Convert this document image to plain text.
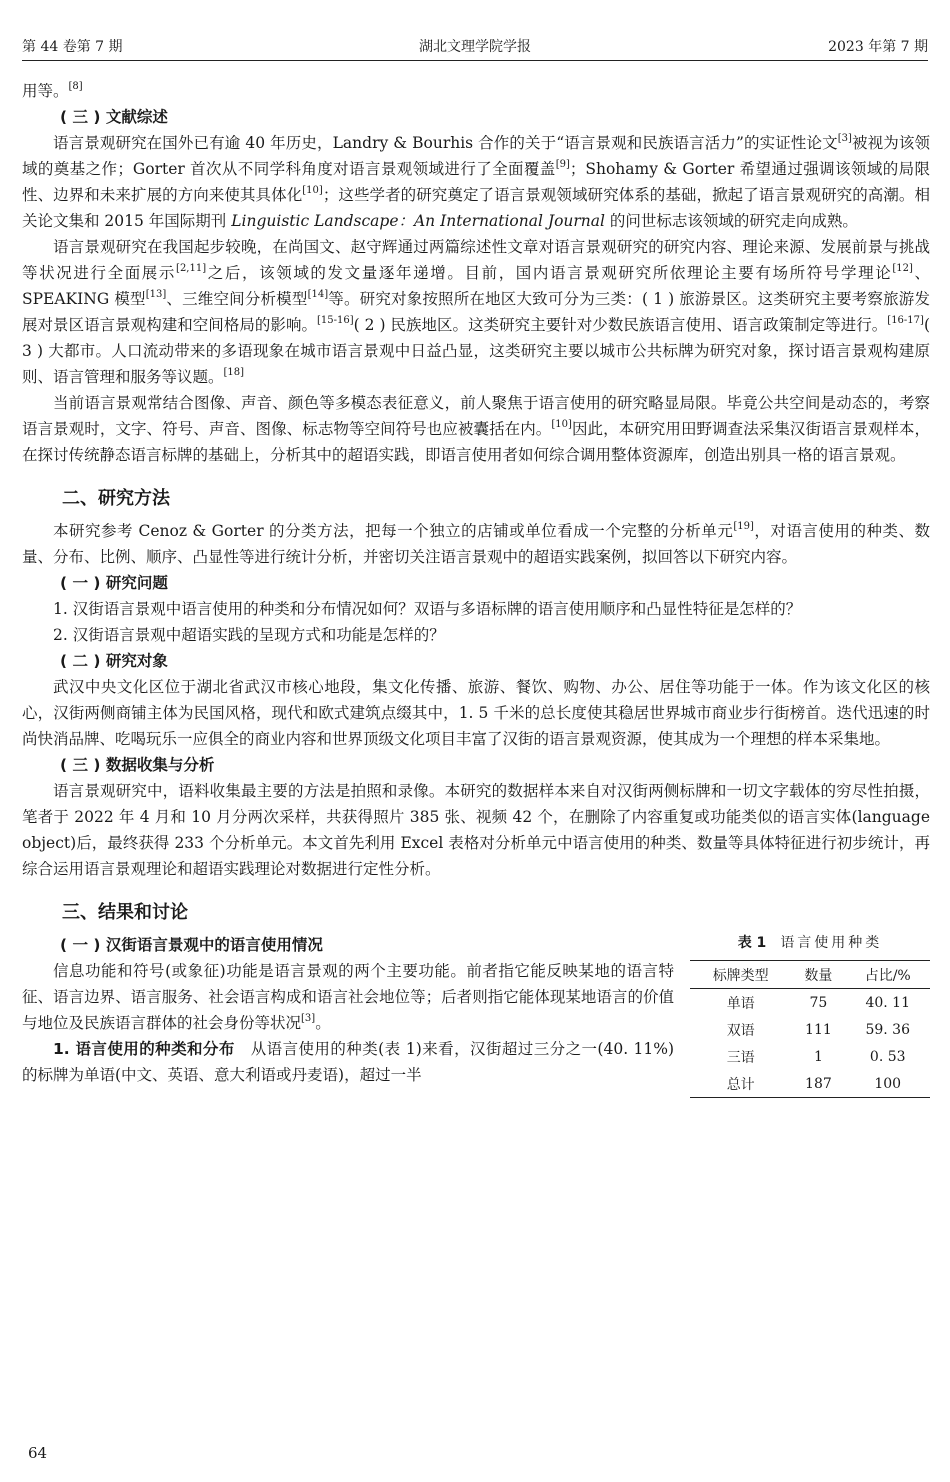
第 44 卷第 7 期	湖北文理学院学报	2023 年第 7 期

用等。[8]

( 三 ) 文献综述

语言景观研究在国外已有逾 40 年历史，Landry & Bourhis 合作的关于“语言景观和民族语言活力”的实证性论文[3]被视为该领域的奠基之作；Gorter 首次从不同学科角度对语言景观领域进行了全面覆盖[9]；Shohamy & Gorter 希望通过强调该领域的局限性、边界和未来扩展的方向来使其具体化[10]；这些学者的研究奠定了语言景观领域研究体系的基础，掀起了语言景观研究的高潮。相关论文集和 2015 年国际期刊 Linguistic Landscape：An International Journal 的问世标志该领域的研究走向成熟。

语言景观研究在我国起步较晚，在尚国文、赵守辉通过两篇综述性文章对语言景观研究的研究内容、理论来源、发展前景与挑战等状况进行全面展示[2,11]之后，该领域的发文量逐年递增。目前，国内语言景观研究所依理论主要有场所符号学理论[12]、SPEAKING 模型[13]、三维空间分析模型[14]等。研究对象按照所在地区大致可分为三类：( 1 ) 旅游景区。这类研究主要考察旅游发展对景区语言景观构建和空间格局的影响。[15-16]( 2 ) 民族地区。这类研究主要针对少数民族语言使用、语言政策制定等进行。[16-17]( 3 ) 大都市。人口流动带来的多语现象在城市语言景观中日益凸显，这类研究主要以城市公共标牌为研究对象，探讨语言景观构建原则、语言管理和服务等议题。[18]

当前语言景观常结合图像、声音、颜色等多模态表征意义，前人聚焦于语言使用的研究略显局限。毕竟公共空间是动态的，考察语言景观时，文字、符号、声音、图像、标志物等空间符号也应被囊括在内。[10]因此，本研究用田野调查法采集汉街语言景观样本，在探讨传统静态语言标牌的基础上，分析其中的超语实践，即语言使用者如何综合调用整体资源库，创造出别具一格的语言景观。

二、研究方法

本研究参考 Cenoz & Gorter 的分类方法，把每一个独立的店铺或单位看成一个完整的分析单元[19]，对语言使用的种类、数量、分布、比例、顺序、凸显性等进行统计分析，并密切关注语言景观中的超语实践案例，拟回答以下研究内容。

( 一 ) 研究问题

1. 汉街语言景观中语言使用的种类和分布情况如何？双语与多语标牌的语言使用顺序和凸显性特征是怎样的？

2. 汉街语言景观中超语实践的呈现方式和功能是怎样的？

( 二 ) 研究对象

武汉中央文化区位于湖北省武汉市核心地段，集文化传播、旅游、餐饮、购物、办公、居住等功能于一体。作为该文化区的核心，汉街两侧商铺主体为民国风格，现代和欧式建筑点缀其中，1. 5 千米的总长度使其稳居世界城市商业步行街榜首。迭代迅速的时尚快消品牌、吃喝玩乐一应俱全的商业内容和世界顶级文化项目丰富了汉街的语言景观资源，使其成为一个理想的样本采集地。

( 三 ) 数据收集与分析

语言景观研究中，语料收集最主要的方法是拍照和录像。本研究的数据样本来自对汉街两侧标牌和一切文字载体的穷尽性拍摄，笔者于 2022 年 4 月和 10 月分两次采样，共获得照片 385 张、视频 42 个，在删除了内容重复或功能类似的语言实体(language object)后，最终获得 233 个分析单元。本文首先利用 Excel 表格对分析单元中语言使用的种类、数量等具体特征进行初步统计，再综合运用语言景观理论和超语实践理论对数据进行定性分析。

三、结果和讨论
( 一 ) 汉街语言景观中的语言使用情况

信息功能和符号(或象征)功能是语言景观的两个主要功能。前者指它能反映某地的语言特征、语言边界、语言服务、社会语言构成和语言社会地位等；后者则指它能体现某地语言的价值与地位及民族语言群体的社会身份等状况[3]。

1. 语言使用的种类和分布　从语言使用的种类(表 1)来看，汉街超过三分之一(40. 11%)的标牌为单语(中文、英语、意大利语或丹麦语)，超过一半

表 1 语言使用种类
标牌类型	数量	占比/%
单语	75	40. 11
双语	111	59. 36
三语	1	0. 53
总计	187	100
64
